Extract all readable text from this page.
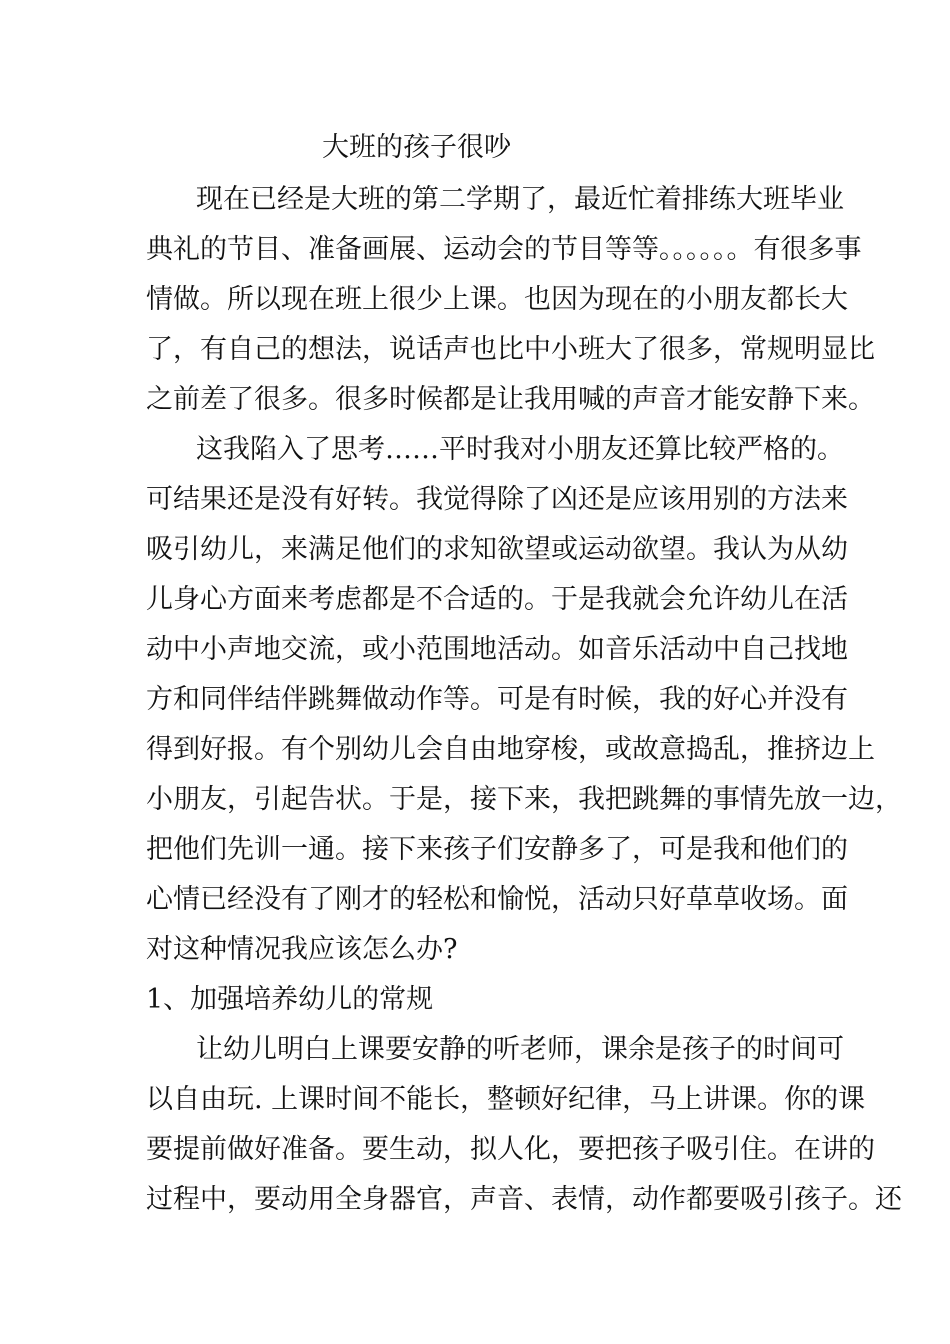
大班的孩子很吵
现在已经是大班的第二学期了，最近忙着排练大班毕业
典礼的节目、准备画展、运动会的节目等等。。。。。。有很多事
情做。所以现在班上很少上课。也因为现在的小朋友都长大
了，有自己的想法，说话声也比中小班大了很多，常规明显比
之前差了很多。很多时候都是让我用喊的声音才能安静下来。
这我陷入了思考……平时我对小朋友还算比较严格的。
可结果还是没有好转。我觉得除了凶还是应该用别的方法来
吸引幼儿，来满足他们的求知欲望或运动欲望。我认为从幼
儿身心方面来考虑都是不合适的。于是我就会允许幼儿在活
动中小声地交流，或小范围地活动。如音乐活动中自己找地
方和同伴结伴跳舞做动作等。可是有时候，我的好心并没有
得到好报。有个别幼儿会自由地穿梭，或故意捣乱，推挤边上
小朋友，引起告状。于是，接下来，我把跳舞的事情先放一边，
把他们先训一通。接下来孩子们安静多了，可是我和他们的
心情已经没有了刚才的轻松和愉悦，活动只好草草收场。面
对这种情况我应该怎么办?
1、加强培养幼儿的常规
让幼儿明白上课要安静的听老师，课余是孩子的时间可
以自由玩. 上课时间不能长，整顿好纪律，马上讲课。你的课
要提前做好准备。要生动，拟人化，要把孩子吸引住。在讲的
过程中，要动用全身器官，声音、表情，动作都要吸引孩子。还
